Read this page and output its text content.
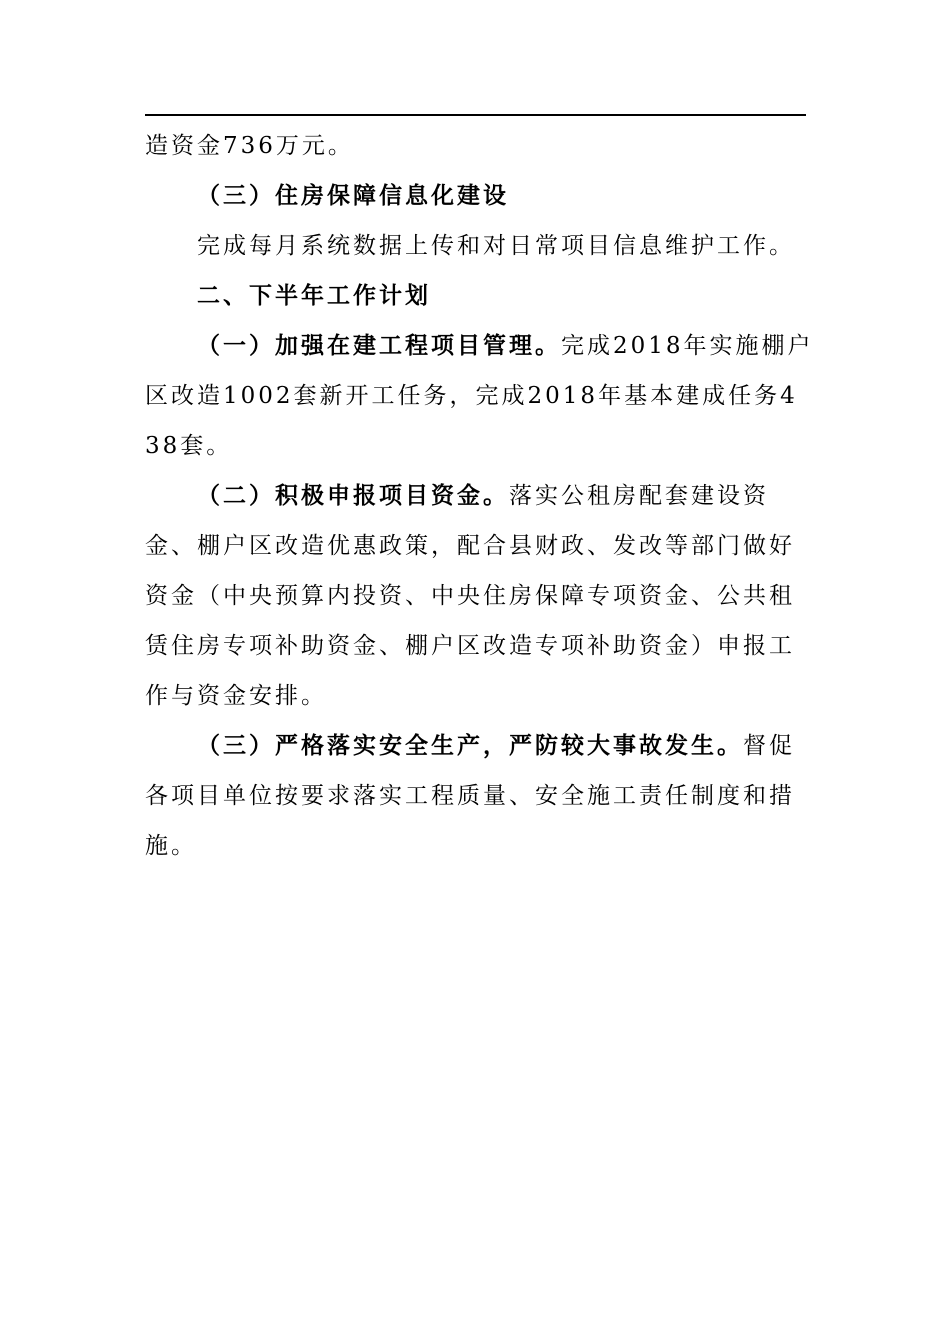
造资金736万元。

（三）住房保障信息化建设

完成每月系统数据上传和对日常项目信息维护工作。

二、下半年工作计划

（一）加强在建工程项目管理。完成2018年实施棚户区改造1002套新开工任务，完成2018年基本建成任务438套。

（二）积极申报项目资金。落实公租房配套建设资金、棚户区改造优惠政策，配合县财政、发改等部门做好资金（中央预算内投资、中央住房保障专项资金、公共租赁住房专项补助资金、棚户区改造专项补助资金）申报工作与资金安排。

（三）严格落实安全生产，严防较大事故发生。督促各项目单位按要求落实工程质量、安全施工责任制度和措施。
